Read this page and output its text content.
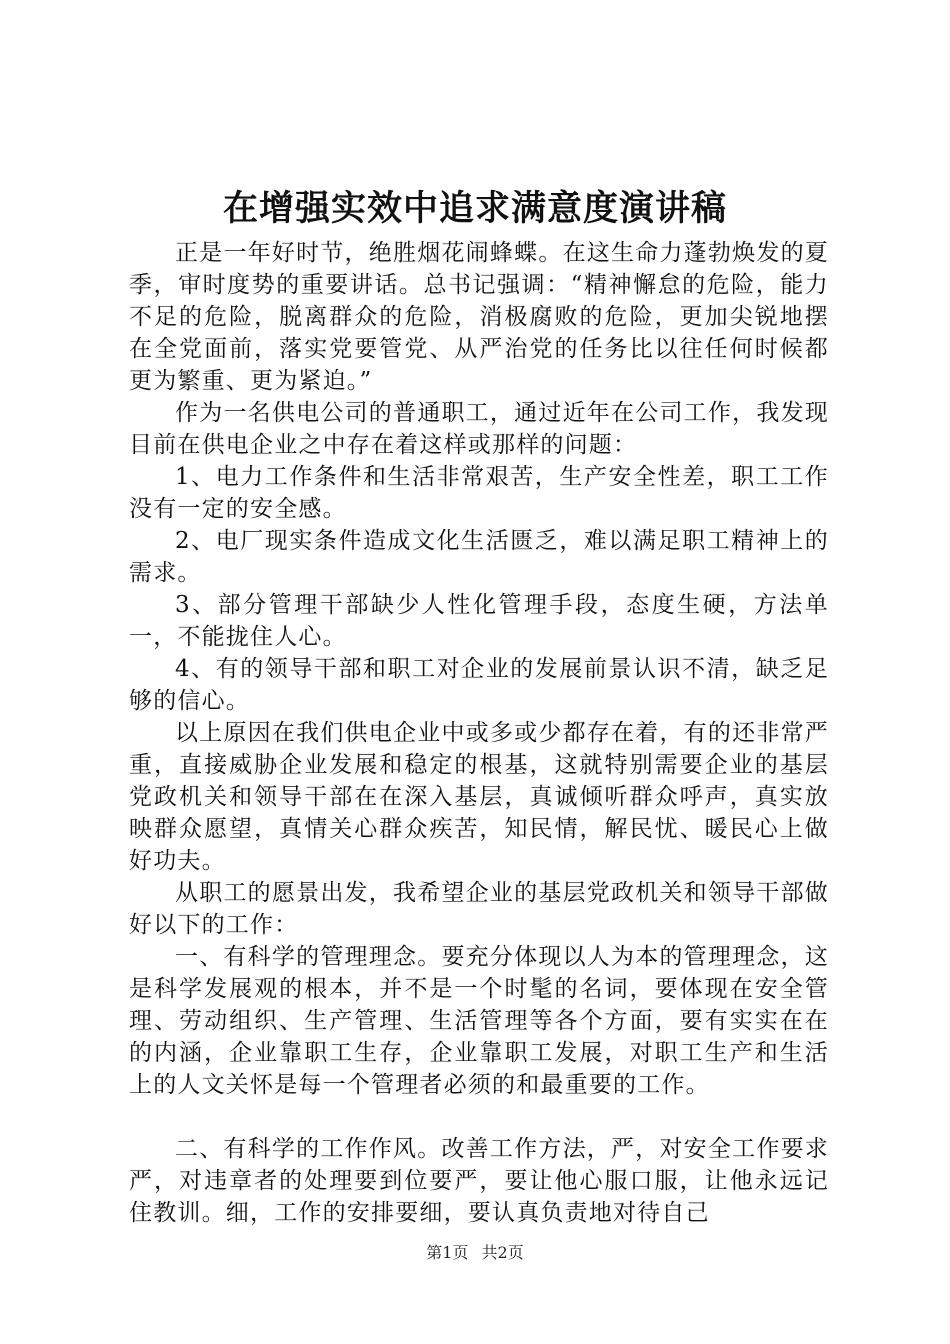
在增强实效中追求满意度演讲稿

正是一年好时节，绝胜烟花闹蜂蝶。在这生命力蓬勃焕发的夏季，审时度势的重要讲话。总书记强调：“精神懈怠的危险，能力不足的危险，脱离群众的危险，消极腐败的危险，更加尖锐地摆在全党面前，落实党要管党、从严治党的任务比以往任何时候都更为繁重、更为紧迫。”

作为一名供电公司的普通职工，通过近年在公司工作，我发现目前在供电企业之中存在着这样或那样的问题：

1、电力工作条件和生活非常艰苦，生产安全性差，职工工作没有一定的安全感。

2、电厂现实条件造成文化生活匮乏，难以满足职工精神上的需求。

3、部分管理干部缺少人性化管理手段，态度生硬，方法单一，不能拢住人心。

4、有的领导干部和职工对企业的发展前景认识不清，缺乏足够的信心。

以上原因在我们供电企业中或多或少都存在着，有的还非常严重，直接威胁企业发展和稳定的根基，这就特别需要企业的基层党政机关和领导干部在在深入基层，真诚倾听群众呼声，真实放映群众愿望，真情关心群众疾苦，知民情，解民忧、暖民心上做好功夫。

从职工的愿景出发，我希望企业的基层党政机关和领导干部做好以下的工作：

一、有科学的管理理念。要充分体现以人为本的管理理念，这是科学发展观的根本，并不是一个时髦的名词，要体现在安全管理、劳动组织、生产管理、生活管理等各个方面，要有实实在在的内涵，企业靠职工生存，企业靠职工发展，对职工生产和生活上的人文关怀是每一个管理者必须的和最重要的工作。

二、有科学的工作作风。改善工作方法，严，对安全工作要求严，对违章者的处理要到位要严，要让他心服口服，让他永远记住教训。细，工作的安排要细，要认真负责地对待自己

第1页 共2页
